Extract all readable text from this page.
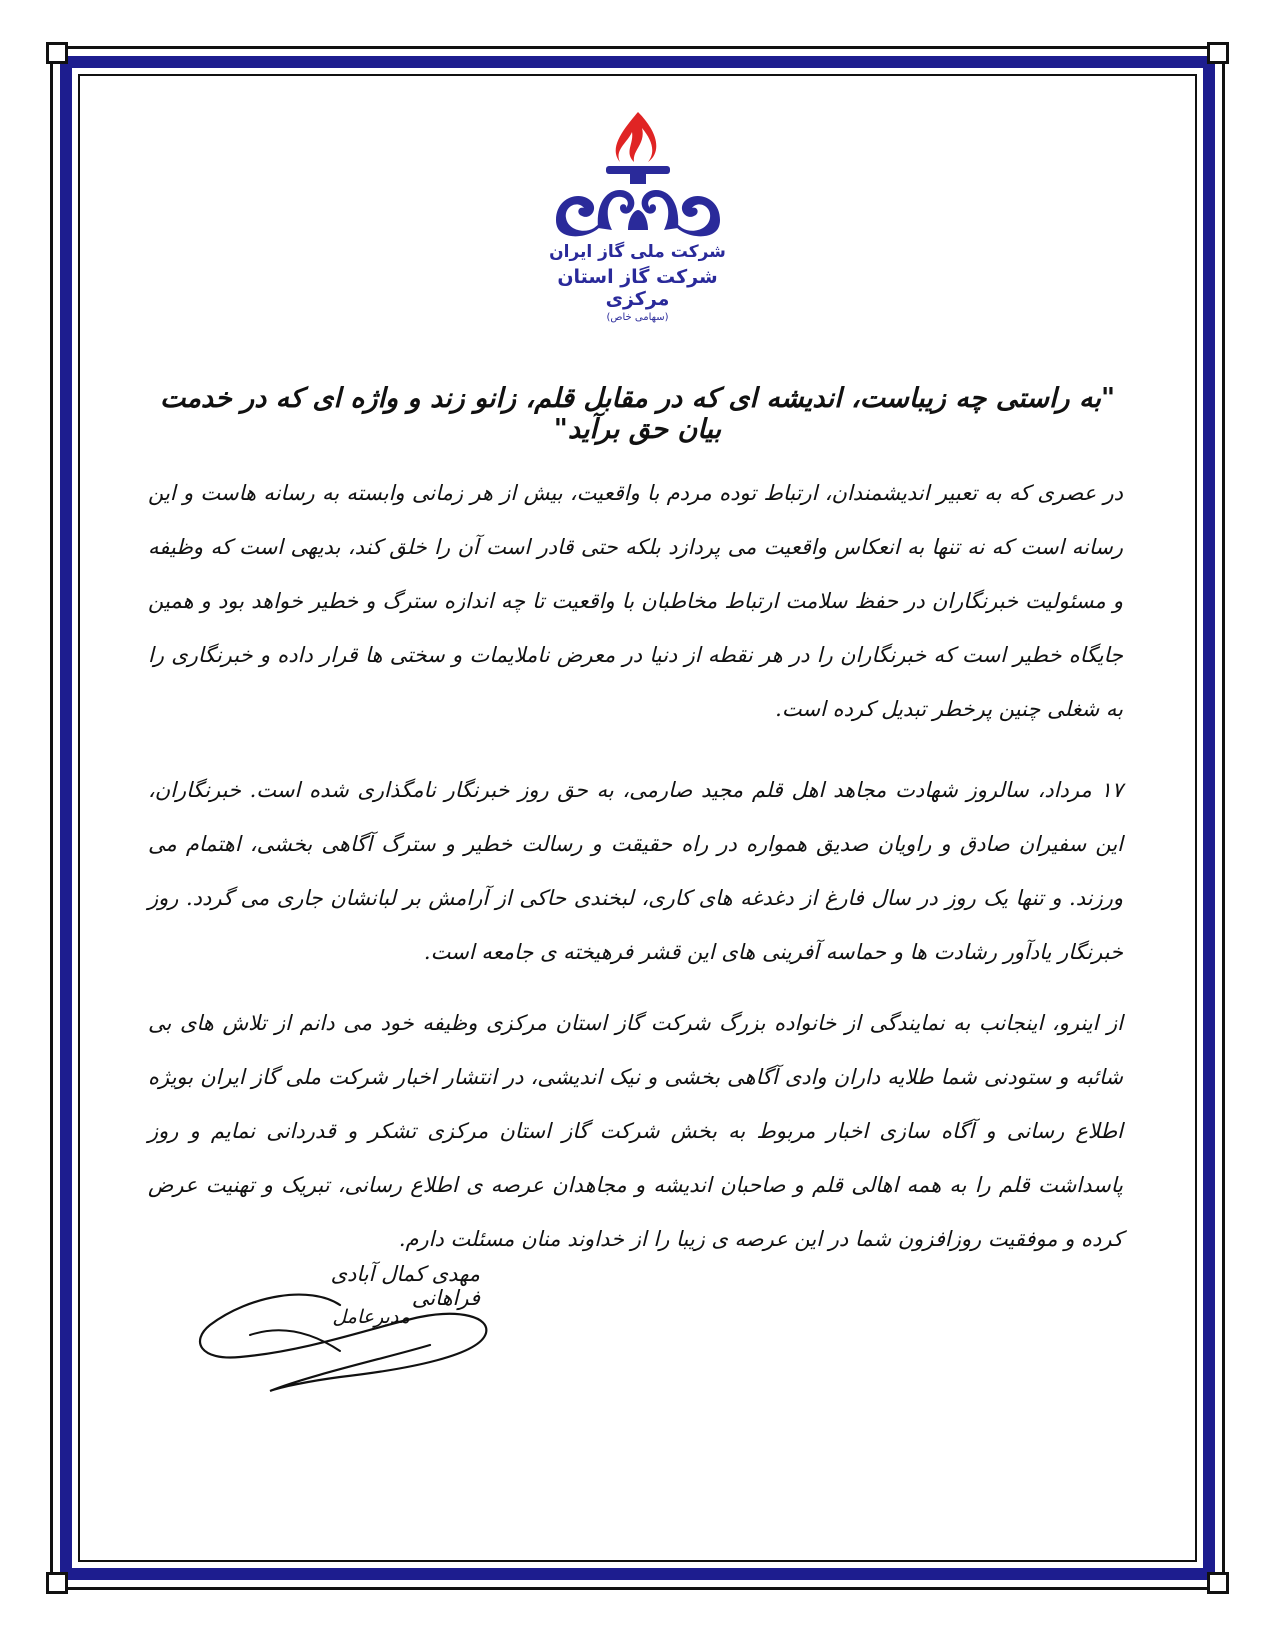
شرکت ملی گاز ایران
شرکت گاز استان مرکزی
(سهامی خاص)
"به راستی چه زیباست، اندیشه ای که در مقابل قلم، زانو زند و واژه ای که در خدمت بیان حق برآید"
در عصری که به تعبیر اندیشمندان، ارتباط توده مردم با واقعیت، بیش از هر زمانی وابسته به رسانه هاست و این رسانه است که نه تنها به انعکاس واقعیت می پردازد بلکه حتی قادر است آن را خلق کند، بدیهی است که وظیفه و مسئولیت خبرنگاران در حفظ سلامت ارتباط مخاطبان با واقعیت تا چه اندازه سترگ و خطیر خواهد بود و همین جایگاه خطیر است که خبرنگاران را در هر نقطه از دنیا در معرض ناملایمات و سختی ها قرار داده و خبرنگاری را به شغلی چنین پرخطر تبدیل کرده است.
۱۷ مرداد، سالروز شهادت مجاهد اهل قلم مجید صارمی، به حق روز خبرنگار نامگذاری شده است. خبرنگاران، این سفیران صادق و راویان صدیق همواره در راه حقیقت و رسالت خطیر و سترگ آگاهی بخشی، اهتمام می ورزند. و تنها یک روز در سال فارغ از دغدغه های کاری، لبخندی حاکی از آرامش بر لبانشان جاری می گردد. روز خبرنگار یادآور رشادت ها و حماسه آفرینی های این قشر فرهیخته ی جامعه است.
از اینرو، اینجانب به نمایندگی از خانواده بزرگ شرکت گاز استان مرکزی وظیفه خود می دانم از تلاش های بی شائبه و ستودنی شما طلایه داران وادی آگاهی بخشی و نیک اندیشی، در انتشار اخبار شرکت ملی گاز ایران بویژه اطلاع رسانی و آگاه سازی اخبار مربوط به بخش شرکت گاز استان مرکزی تشکر و قدردانی نمایم و روز پاسداشت قلم را به همه اهالی قلم و صاحبان اندیشه و مجاهدان عرصه ی اطلاع رسانی، تبریک و تهنیت عرض کرده و موفقیت روزافزون شما در این عرصه ی زیبا را از خداوند منان مسئلت دارم.
مهدی کمال آبادی فراهانی
مدیرعامل
